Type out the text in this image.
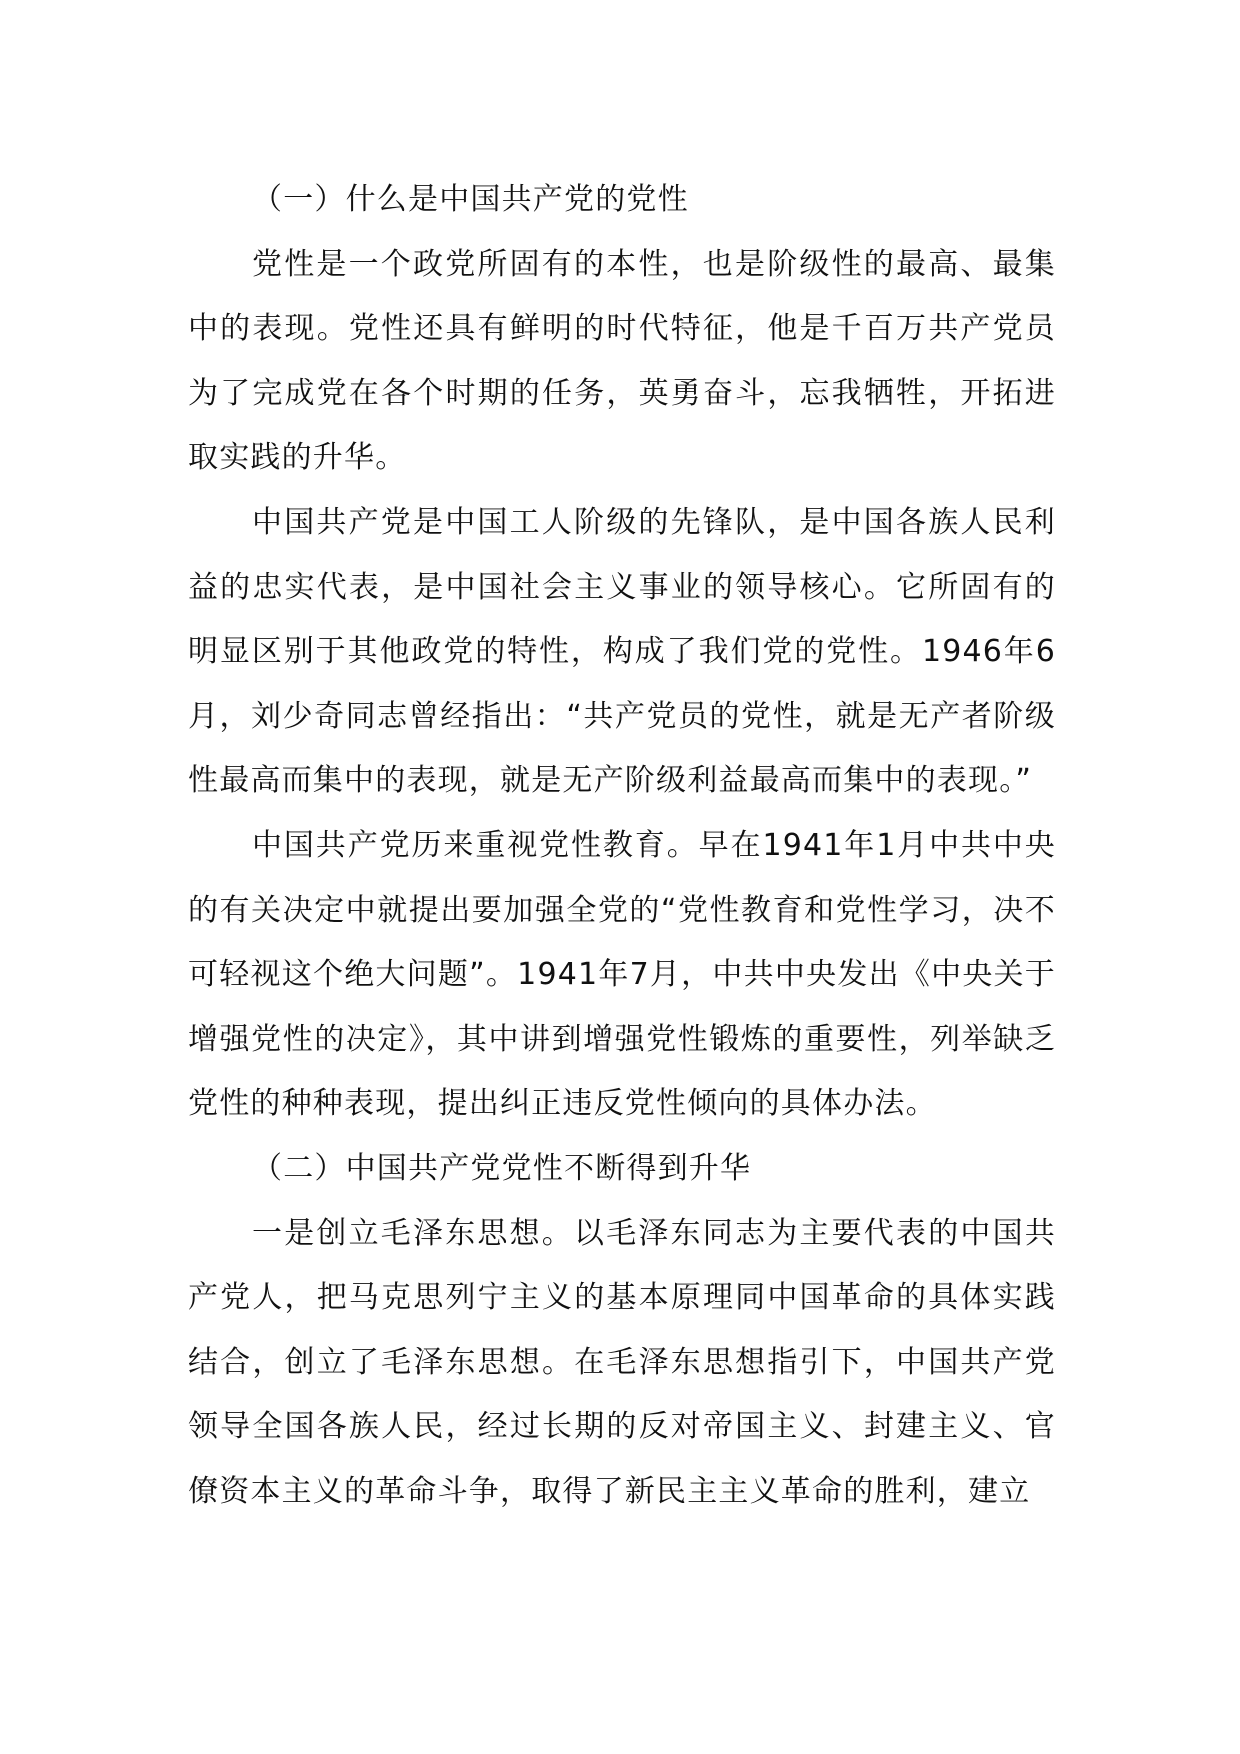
（一）什么是中国共产党的党性

党性是一个政党所固有的本性，也是阶级性的最高、最集中的表现。党性还具有鲜明的时代特征，他是千百万共产党员为了完成党在各个时期的任务，英勇奋斗，忘我牺牲，开拓进取实践的升华。

中国共产党是中国工人阶级的先锋队，是中国各族人民利益的忠实代表，是中国社会主义事业的领导核心。它所固有的明显区别于其他政党的特性，构成了我们党的党性。1946年6月，刘少奇同志曾经指出：“共产党员的党性，就是无产者阶级性最高而集中的表现，就是无产阶级利益最高而集中的表现。”

中国共产党历来重视党性教育。早在1941年1月中共中央的有关决定中就提出要加强全党的“党性教育和党性学习，决不可轻视这个绝大问题”。1941年7月，中共中央发出《中央关于增强党性的决定》，其中讲到增强党性锻炼的重要性，列举缺乏党性的种种表现，提出纠正违反党性倾向的具体办法。

（二）中国共产党党性不断得到升华

一是创立毛泽东思想。以毛泽东同志为主要代表的中国共产党人，把马克思列宁主义的基本原理同中国革命的具体实践结合，创立了毛泽东思想。在毛泽东思想指引下，中国共产党领导全国各族人民，经过长期的反对帝国主义、封建主义、官僚资本主义的革命斗争，取得了新民主主义革命的胜利，建立
